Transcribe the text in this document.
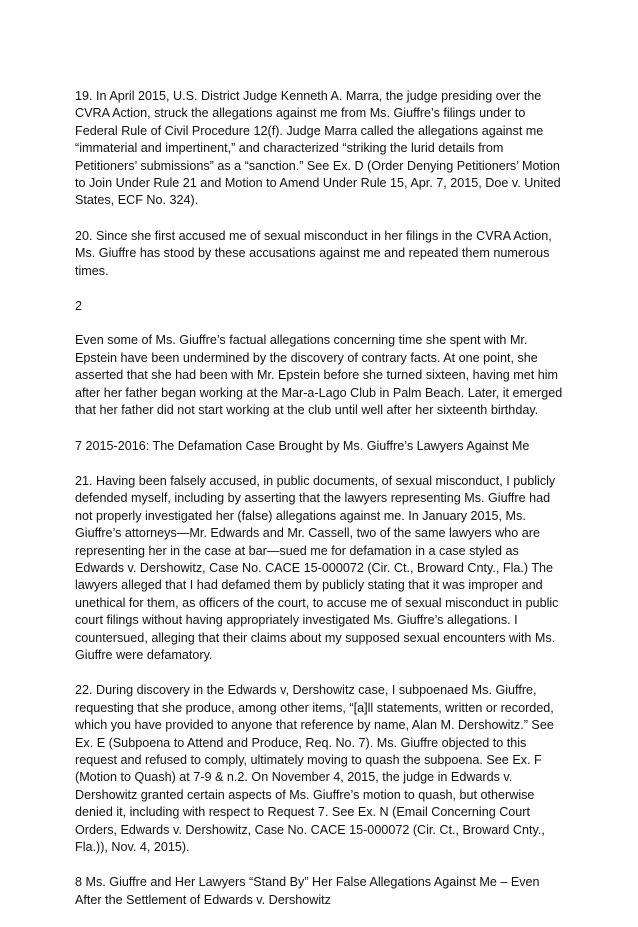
19. In April 2015, U.S. District Judge Kenneth A. Marra, the judge presiding over the CVRA Action, struck the allegations against me from Ms. Giuffre’s filings under to Federal Rule of Civil Procedure 12(f). Judge Marra called the allegations against me “immaterial and impertinent,” and characterized “striking the lurid details from Petitioners’ submissions” as a “sanction.” See Ex. D (Order Denying Petitioners’ Motion to Join Under Rule 21 and Motion to Amend Under Rule 15, Apr. 7, 2015, Doe v. United States, ECF No. 324).

20. Since she first accused me of sexual misconduct in her filings in the CVRA Action, Ms. Giuffre has stood by these accusations against me and repeated them numerous times.

2

Even some of Ms. Giuffre’s factual allegations concerning time she spent with Mr. Epstein have been undermined by the discovery of contrary facts. At one point, she asserted that she had been with Mr. Epstein before she turned sixteen, having met him after her father began working at the Mar-a-Lago Club in Palm Beach. Later, it emerged that her father did not start working at the club until well after her sixteenth birthday.

7 2015-2016: The Defamation Case Brought by Ms. Giuffre’s Lawyers Against Me

21. Having been falsely accused, in public documents, of sexual misconduct, I publicly defended myself, including by asserting that the lawyers representing Ms. Giuffre had not properly investigated her (false) allegations against me. In January 2015, Ms. Giuffre’s attorneys—Mr. Edwards and Mr. Cassell, two of the same lawyers who are representing her in the case at bar—sued me for defamation in a case styled as Edwards v. Dershowitz, Case No. CACE 15-000072 (Cir. Ct., Broward Cnty., Fla.) The lawyers alleged that I had defamed them by publicly stating that it was improper and unethical for them, as officers of the court, to accuse me of sexual misconduct in public court filings without having appropriately investigated Ms. Giuffre’s allegations. I countersued, alleging that their claims about my supposed sexual encounters with Ms. Giuffre were defamatory.

22. During discovery in the Edwards v, Dershowitz case, I subpoenaed Ms. Giuffre, requesting that she produce, among other items, “[a]ll statements, written or recorded, which you have provided to anyone that reference by name, Alan M. Dershowitz.” See Ex. E (Subpoena to Attend and Produce, Req. No. 7). Ms. Giuffre objected to this request and refused to comply, ultimately moving to quash the subpoena. See Ex. F (Motion to Quash) at 7-9 & n.2. On November 4, 2015, the judge in Edwards v. Dershowitz granted certain aspects of Ms. Giuffre’s motion to quash, but otherwise denied it, including with respect to Request 7. See Ex. N (Email Concerning Court Orders, Edwards v. Dershowitz, Case No. CACE 15-000072 (Cir. Ct., Broward Cnty., Fla.)), Nov. 4, 2015).

8 Ms. Giuffre and Her Lawyers “Stand By” Her False Allegations Against Me – Even After the Settlement of Edwards v. Dershowitz
